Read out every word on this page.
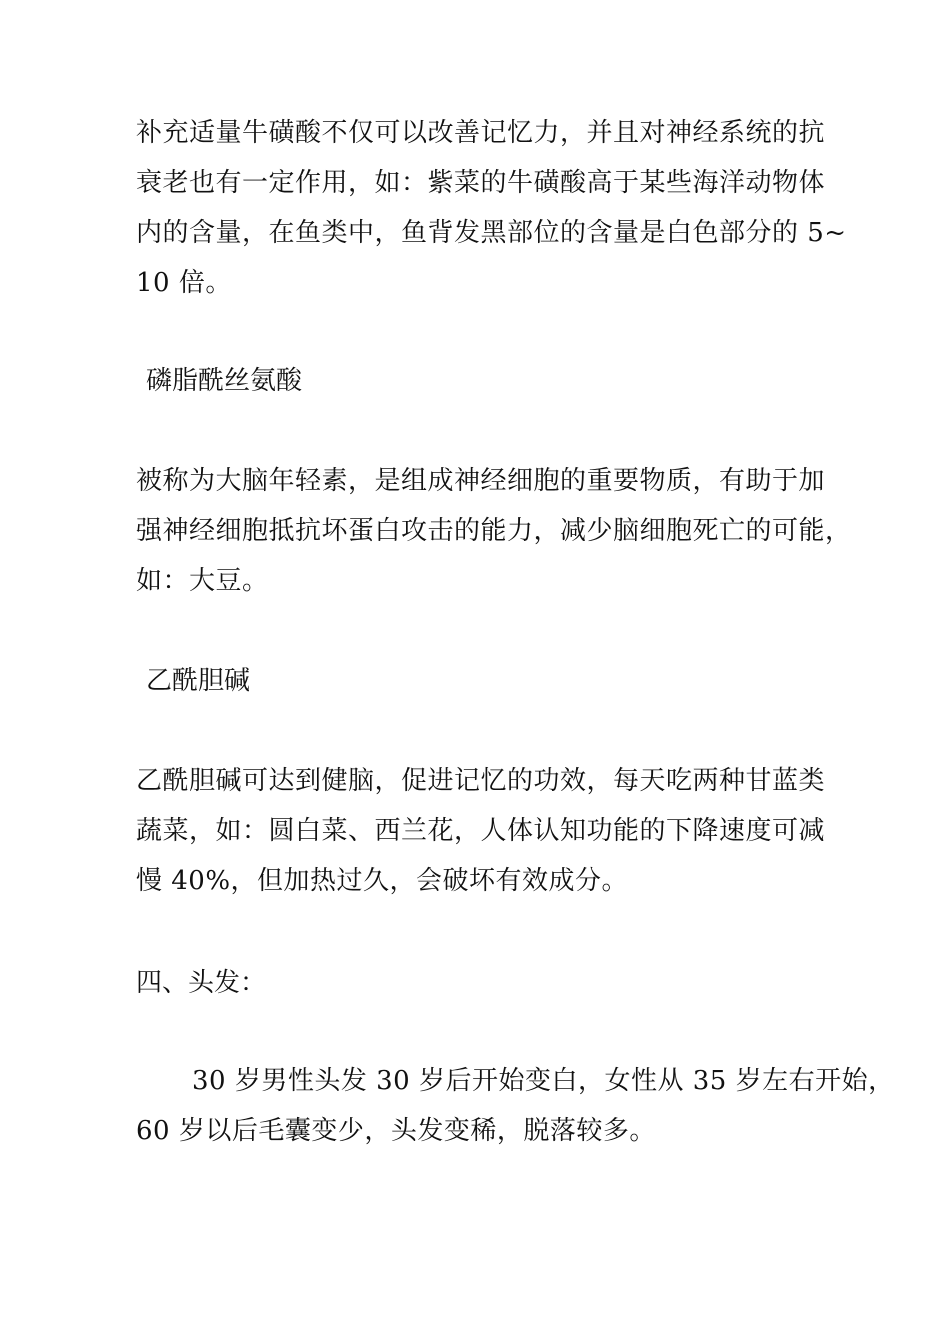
补充适量牛磺酸不仅可以改善记忆力，并且对神经系统的抗
衰老也有一定作用，如：紫菜的牛磺酸高于某些海洋动物体
内的含量，在鱼类中，鱼背发黑部位的含量是白色部分的 5~
10 倍。

磷脂酰丝氨酸

被称为大脑年轻素，是组成神经细胞的重要物质，有助于加
强神经细胞抵抗坏蛋白攻击的能力，减少脑细胞死亡的可能，
如：大豆。

乙酰胆碱

乙酰胆碱可达到健脑，促进记忆的功效，每天吃两种甘蓝类
蔬菜，如：圆白菜、西兰花，人体认知功能的下降速度可减
慢 40%，但加热过久，会破坏有效成分。

四、头发：

30 岁男性头发 30 岁后开始变白，女性从 35 岁左右开始，
60 岁以后毛囊变少，头发变稀，脱落较多。
